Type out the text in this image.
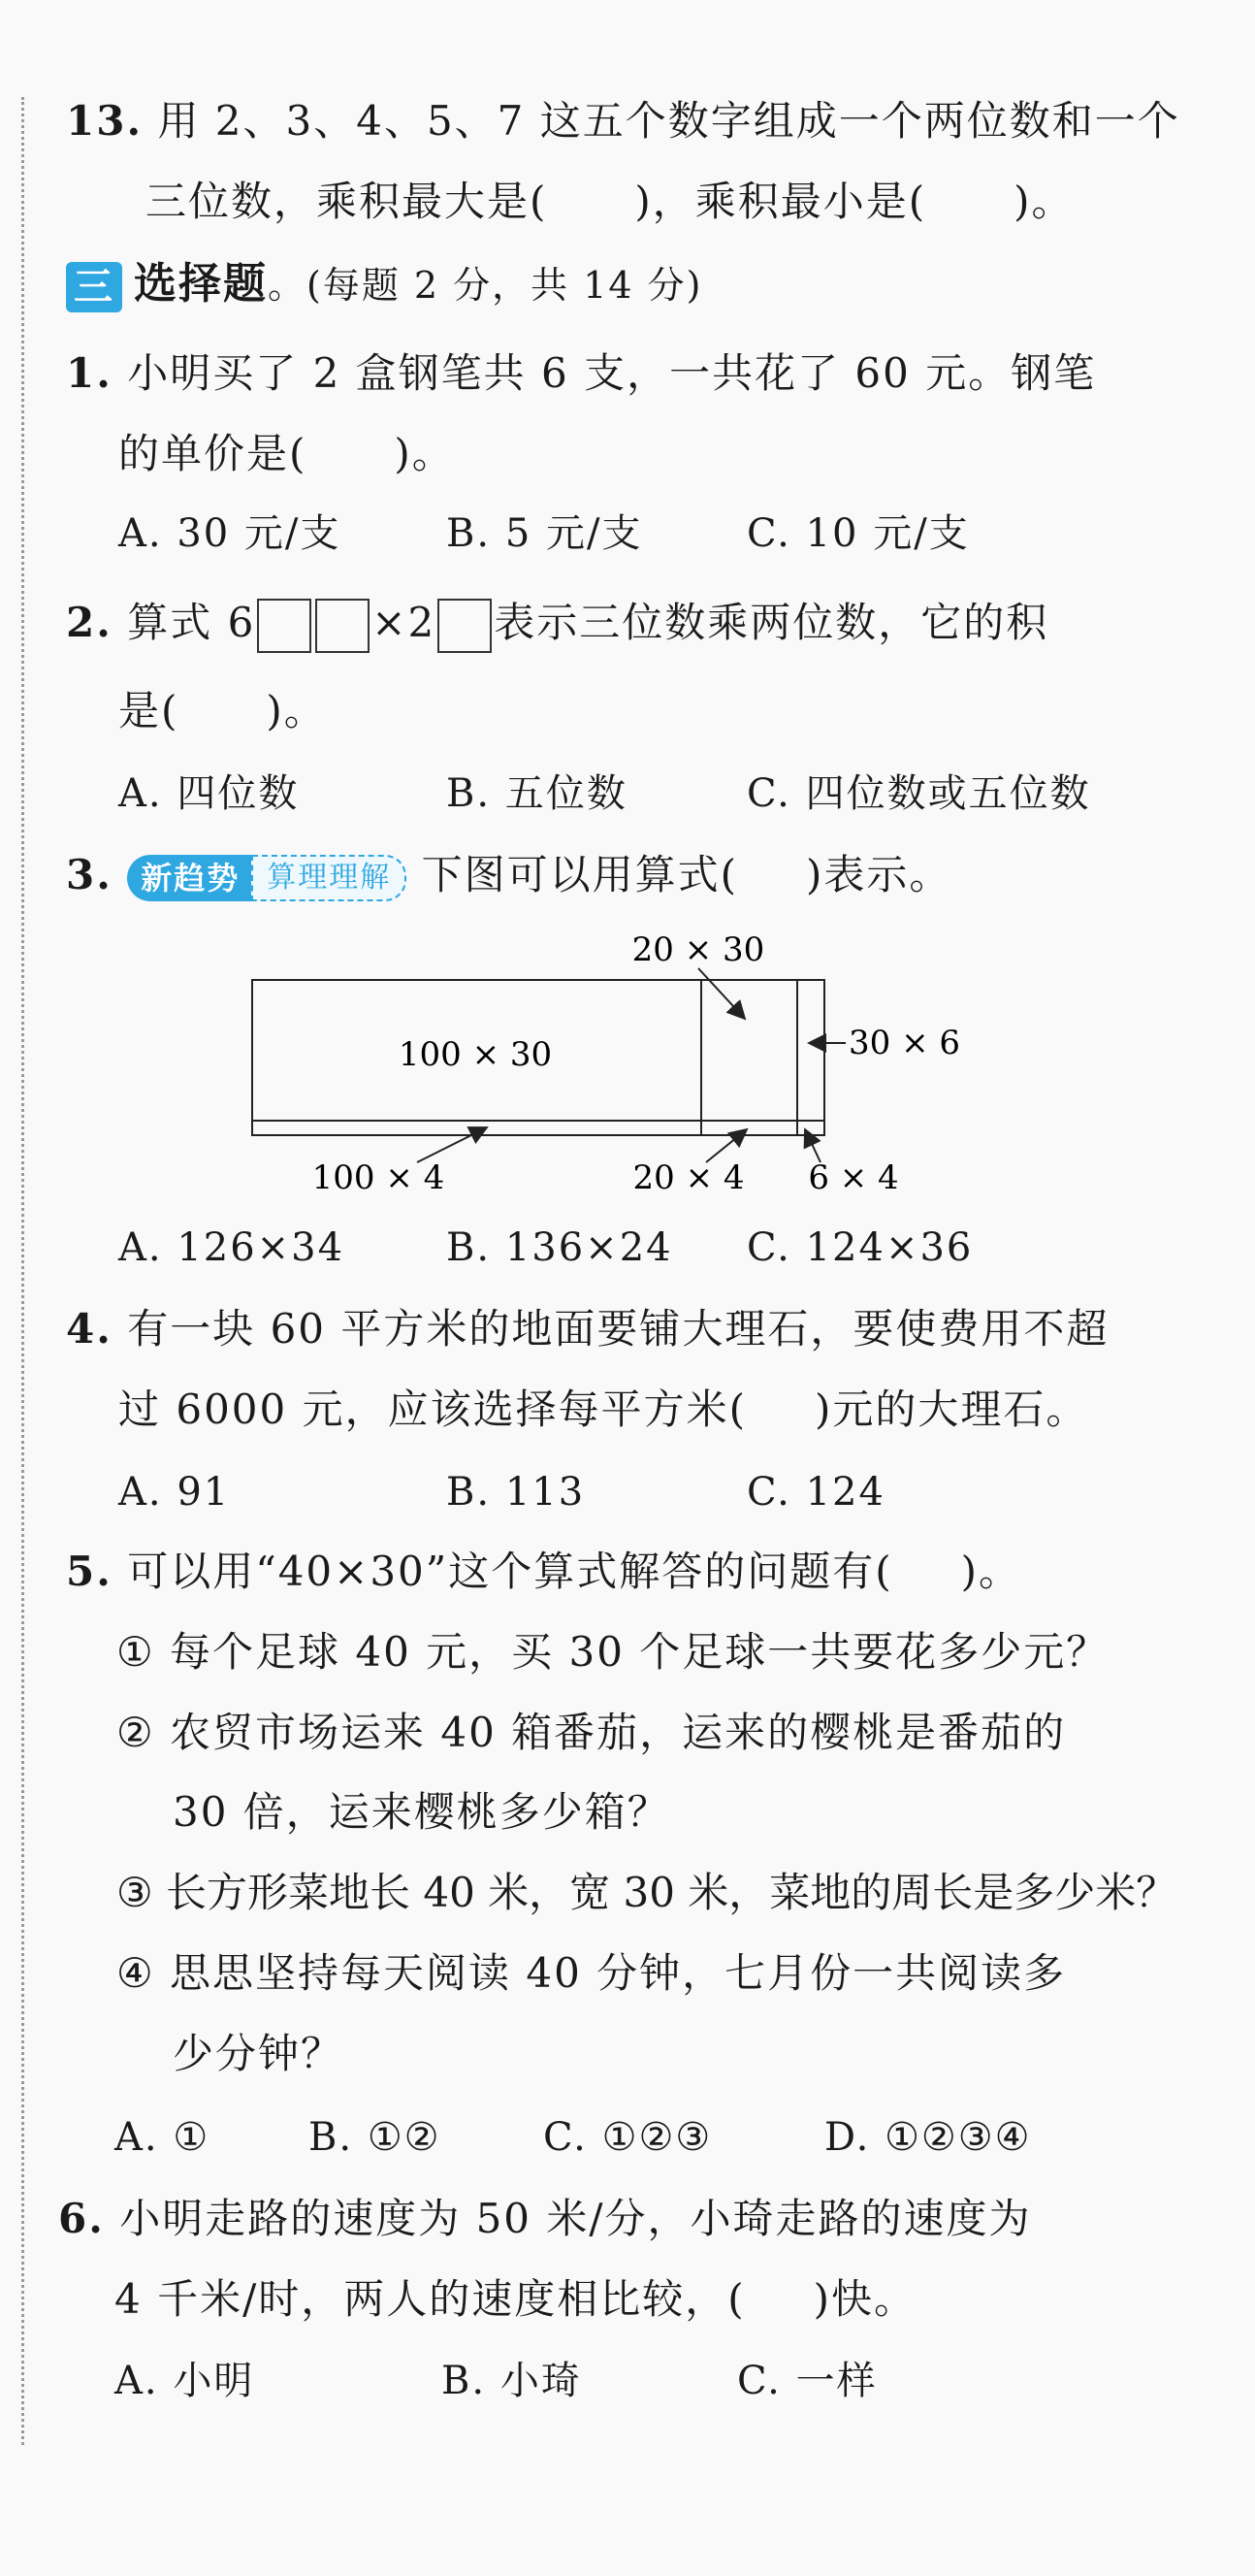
13. 用 2、3、4、5、7 这五个数字组成一个两位数和一个
三位数，乘积最大是( )，乘积最小是( )。
三 选择题。(每题 2 分，共 14 分)
1. 小明买了 2 盒钢笔共 6 支，一共花了 60 元。钢笔
的单价是( )。
A. 30 元/支	B. 5 元/支	C. 10 元/支
2. 算式 6	×2 表示三位数乘两位数，它的积
是( )。
A. 四位数	B. 五位数	C. 四位数或五位数
3. 新趋势 算理理解 下图可以用算式( )表示。
100 × 30
20 × 30
30 × 6
100 × 4	20 × 4 6 × 4
A. 126×34	B. 136×24 C. 124×36
4. 有一块 60 平方米的地面要铺大理石，要使费用不超
过 6000 元，应该选择每平方米( )元的大理石。
A. 91	B. 113	C. 124
5. 可以用“40×30”这个算式解答的问题有( )。
① 每个足球 40 元，买 30 个足球一共要花多少元？
② 农贸市场运来 40 箱番茄，运来的樱桃是番茄的
30 倍，运来樱桃多少箱？
③ 长方形菜地长 40 米，宽 30 米，菜地的周长是多少米？
④ 思思坚持每天阅读 40 分钟，七月份一共阅读多
少分钟？
A. ①	B. ①②	C. ①②③	D. ①②③④
6. 小明走路的速度为 50 米/分，小琦走路的速度为
4 千米/时，两人的速度相比较，( )快。
A. 小明	B. 小琦	C. 一样
